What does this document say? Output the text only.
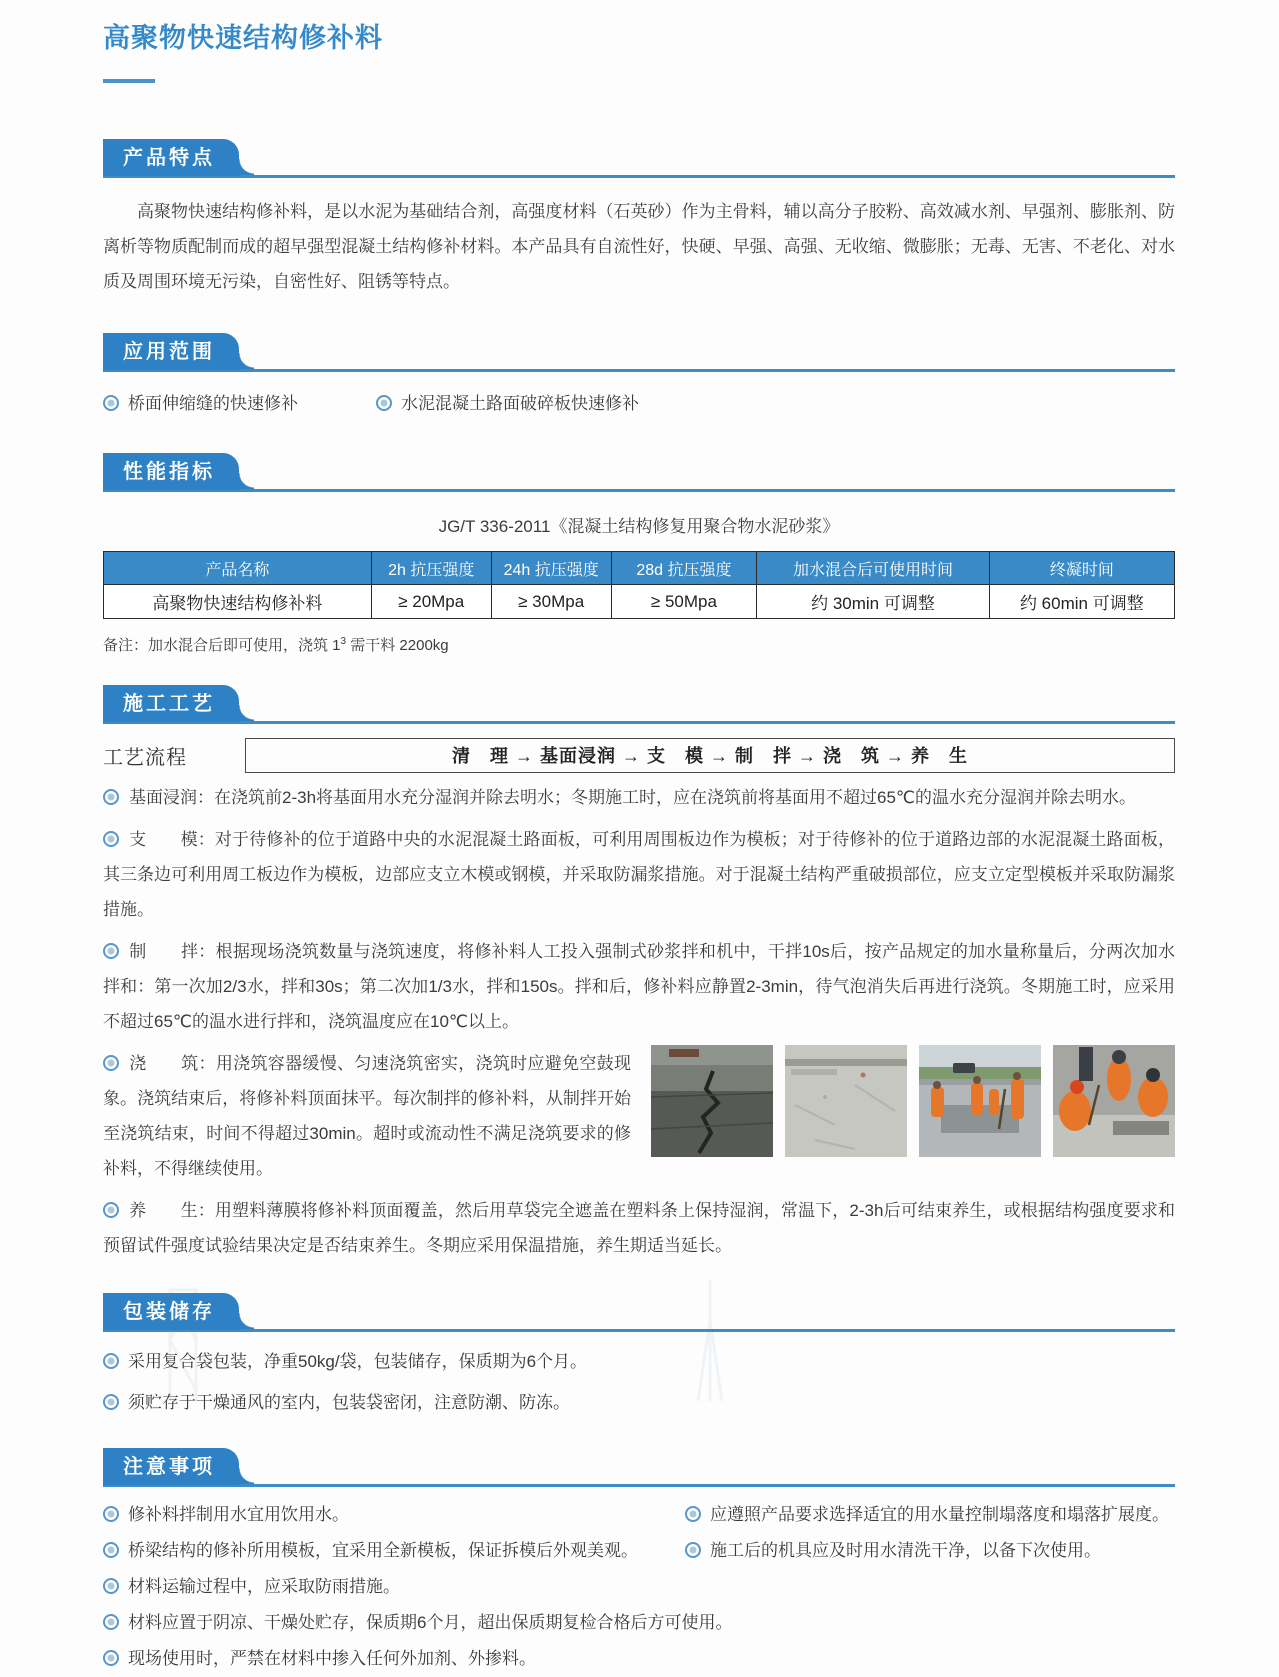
高聚物快速结构修补料
产品特点

高聚物快速结构修补料，是以水泥为基础结合剂，高强度材料（石英砂）作为主骨料，辅以高分子胶粉、高效减水剂、早强剂、膨胀剂、防离析等物质配制而成的超早强型混凝土结构修补材料。本产品具有自流性好，快硬、早强、高强、无收缩、微膨胀；无毒、无害、不老化、对水质及周围环境无污染，自密性好、阻锈等特点。

应用范围
桥面伸缩缝的快速修补	水泥混凝土路面破碎板快速修补
性能指标
JG/T 336-2011《混凝土结构修复用聚合物水泥砂浆》
产品名称	2h 抗压强度	24h 抗压强度	28d 抗压强度	加水混合后可使用时间	终凝时间
高聚物快速结构修补料	≥ 20Mpa	≥ 30Mpa	≥ 50Mpa	约 30min 可调整	约 60min 可调整
备注：加水混合后即可使用，浇筑 $1^3$ 需干料 2200kg
施工工艺
工艺流程	清　理 → 基面浸润 → 支　模 → 制　拌 → 浇　筑 → 养　生

基面浸润：在浇筑前2-3h将基面用水充分湿润并除去明水；冬期施工时，应在浇筑前将基面用不超过65℃的温水充分湿润并除去明水。

支　　模：对于待修补的位于道路中央的水泥混凝土路面板，可利用周围板边作为模板；对于待修补的位于道路边部的水泥混凝土路面板，其三条边可利用周工板边作为模板，边部应支立木模或钢模，并采取防漏浆措施。对于混凝土结构严重破损部位，应支立定型模板并采取防漏浆措施。

制　　拌：根据现场浇筑数量与浇筑速度，将修补料人工投入强制式砂浆拌和机中，干拌10s后，按产品规定的加水量称量后，分两次加水拌和：第一次加2/3水，拌和30s；第二次加1/3水，拌和150s。拌和后，修补料应静置2-3min，待气泡消失后再进行浇筑。冬期施工时，应采用不超过65℃的温水进行拌和，浇筑温度应在10℃以上。

浇　　筑：用浇筑容器缓慢、匀速浇筑密实，浇筑时应避免空鼓现象。浇筑结束后，将修补料顶面抹平。每次制拌的修补料，从制拌开始至浇筑结束，时间不得超过30min。超时或流动性不满足浇筑要求的修补料，不得继续使用。

养　　生：用塑料薄膜将修补料顶面覆盖，然后用草袋完全遮盖在塑料条上保持湿润，常温下，2-3h后可结束养生，或根据结构强度要求和预留试件强度试验结果决定是否结束养生。冬期应采用保温措施，养生期适当延长。

包装储存

采用复合袋包装，净重50kg/袋，包装储存，保质期为6个月。

须贮存于干燥通风的室内，包装袋密闭，注意防潮、防冻。

注意事项

修补料拌制用水宜用饮用水。

桥梁结构的修补所用模板，宜采用全新模板，保证拆模后外观美观。

材料运输过程中，应采取防雨措施。

材料应置于阴凉、干燥处贮存，保质期6个月，超出保质期复检合格后方可使用。

现场使用时，严禁在材料中掺入任何外加剂、外掺料。

应遵照产品要求选择适宜的用水量控制塌落度和塌落扩展度。

施工后的机具应及时用水清洗干净，以备下次使用。
